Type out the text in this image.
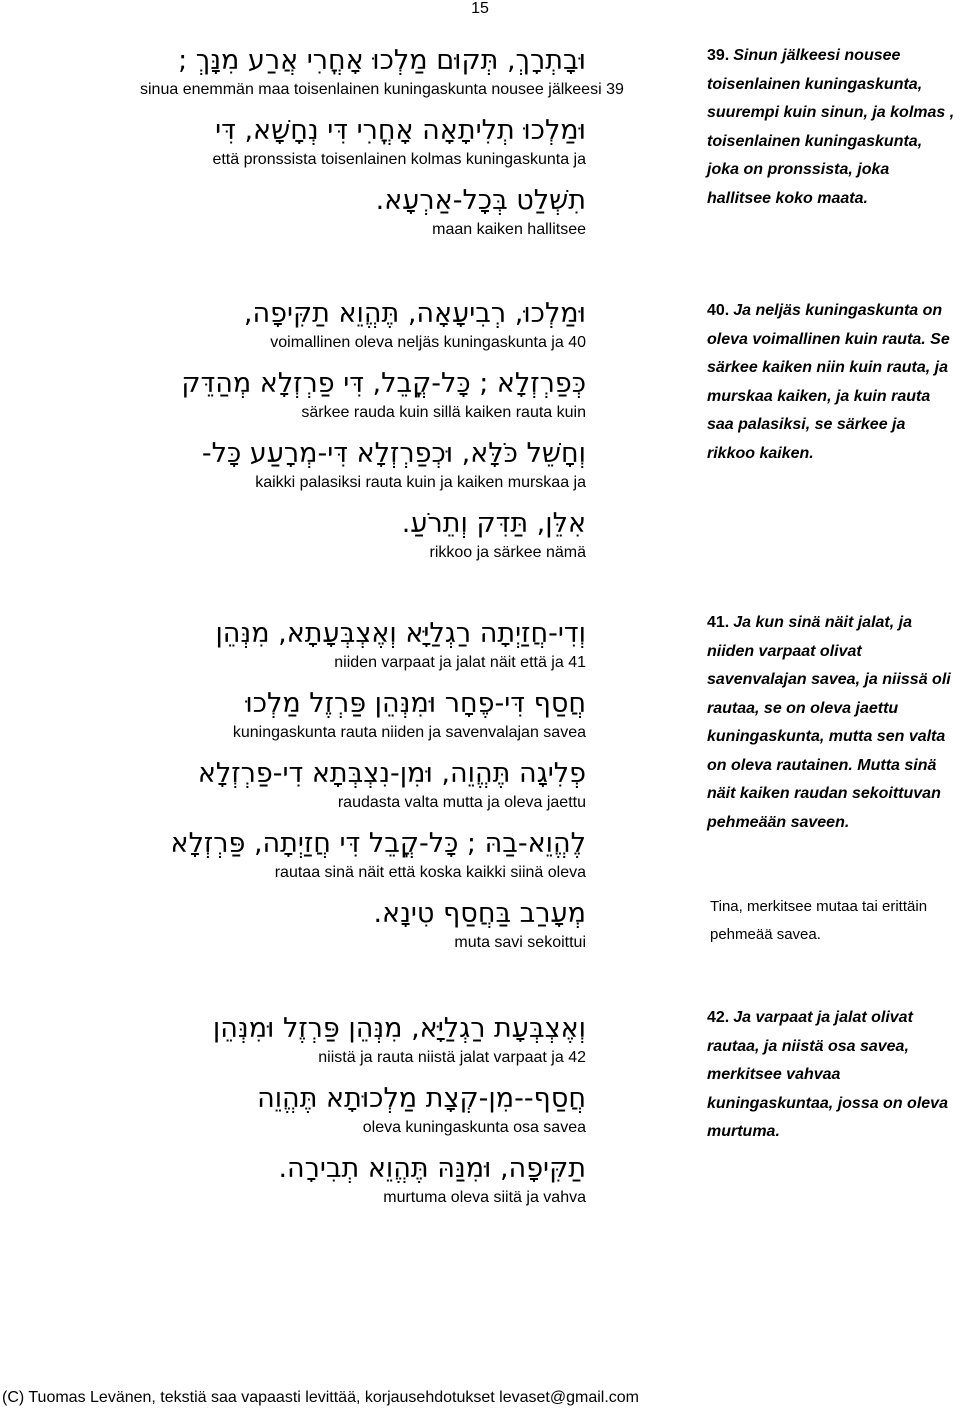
15
וּבָתְרָךְ, תְּקוּם מַלְכוּ אָחֳרִי אֲרַע מִנָּךְ ;
sinua enemmän maa toisenlainen kuningaskunta nousee jälkeesi 39
וּמַלְכוּ תְלִיתָאָה אָחֳרִי דִּי נְחָשָׁא, דִּי
että pronssista toisenlainen kolmas kuningaskunta ja
תִשְׁלַט בְּכָל-אַרְעָא.
maan kaiken hallitsee
39. Sinun jälkeesi nousee toisenlainen kuningaskunta, suurempi kuin sinun, ja kolmas , toisenlainen kuningaskunta, joka on pronssista, joka hallitsee koko maata.
וּמַלְכוּ, רְבִיעָאָה, תֶּהֱוֵא תַקִּיפָה,
voimallinen oleva neljäs kuningaskunta ja 40
כְּפַרְזְלָא ; כָּל-קֳבֵל, דִּי פַרְזְלָא מְהַדֵּק
särkee rauda kuin sillä kaiken rauta kuin
וְחָשֵׁל כֹּלָּא, וּכְפַרְזְלָא דִּי-מְרָעַע כָּל-
kaikki palasiksi rauta kuin ja kaiken murskaa ja
אִלֵּן, תַּדִּק וְתֵרֹעַ.
rikkoo ja särkee nämä
40. Ja neljäs kuningaskunta on oleva voimallinen kuin rauta. Se särkee kaiken niin kuin rauta, ja murskaa kaiken, ja kuin rauta saa palasiksi, se särkee ja rikkoo kaiken.
וְדִי-חֲזַיְתָה רַגְלַיָּא וְאֶצְבְּעָתָא, מִנְּהֵן
niiden varpaat ja jalat näit että ja 41
חֲסַף דִּי-פֶחָר וּמִנְּהֵן פַּרְזֶל מַלְכוּ
kuningaskunta rauta niiden ja savenvalajan savea
פְלִיגָה תֶּהֱוֵה, וּמִן-נִצְבְּתָא דִי-פַרְזְלָא
raudasta valta mutta ja oleva jaettu
לֶהֱוֵא-בַהּ ; כָּל-קֳבֵל דִּי חֲזַיְתָה, פַּרְזְלָא
rautaa sinä näit että koska kaikki siinä oleva
מְעָרַב בַּחֲסַף טִינָא.
muta savi sekoittui
41. Ja kun sinä näit jalat, ja niiden varpaat olivat savenvalajan savea, ja niissä oli rautaa, se on oleva jaettu kuningaskunta, mutta sen valta on oleva rautainen. Mutta sinä näit kaiken raudan sekoittuvan pehmeään saveen.
Tina, merkitsee mutaa tai erittäin pehmeää savea.
וְאֶצְבְּעָת רַגְלַיָּא, מִנְּהֵן פַּרְזֶל וּמִנְּהֵן
niistä ja rauta niistä jalat varpaat ja 42
חֲסַף--מִן-קְצָת מַלְכוּתָא תֶּהֱוֵה
oleva kuningaskunta osa savea
תַקִּיפָה, וּמִנַּהּ תֶּהֱוֵא תְבִירָה.
murtuma oleva siitä ja vahva
42. Ja varpaat ja jalat olivat rautaa, ja niistä osa savea, merkitsee vahvaa kuningaskuntaa, jossa on oleva murtuma.
(C) Tuomas Levänen, tekstiä saa vapaasti levittää, korjausehdotukset levaset@gmail.com
